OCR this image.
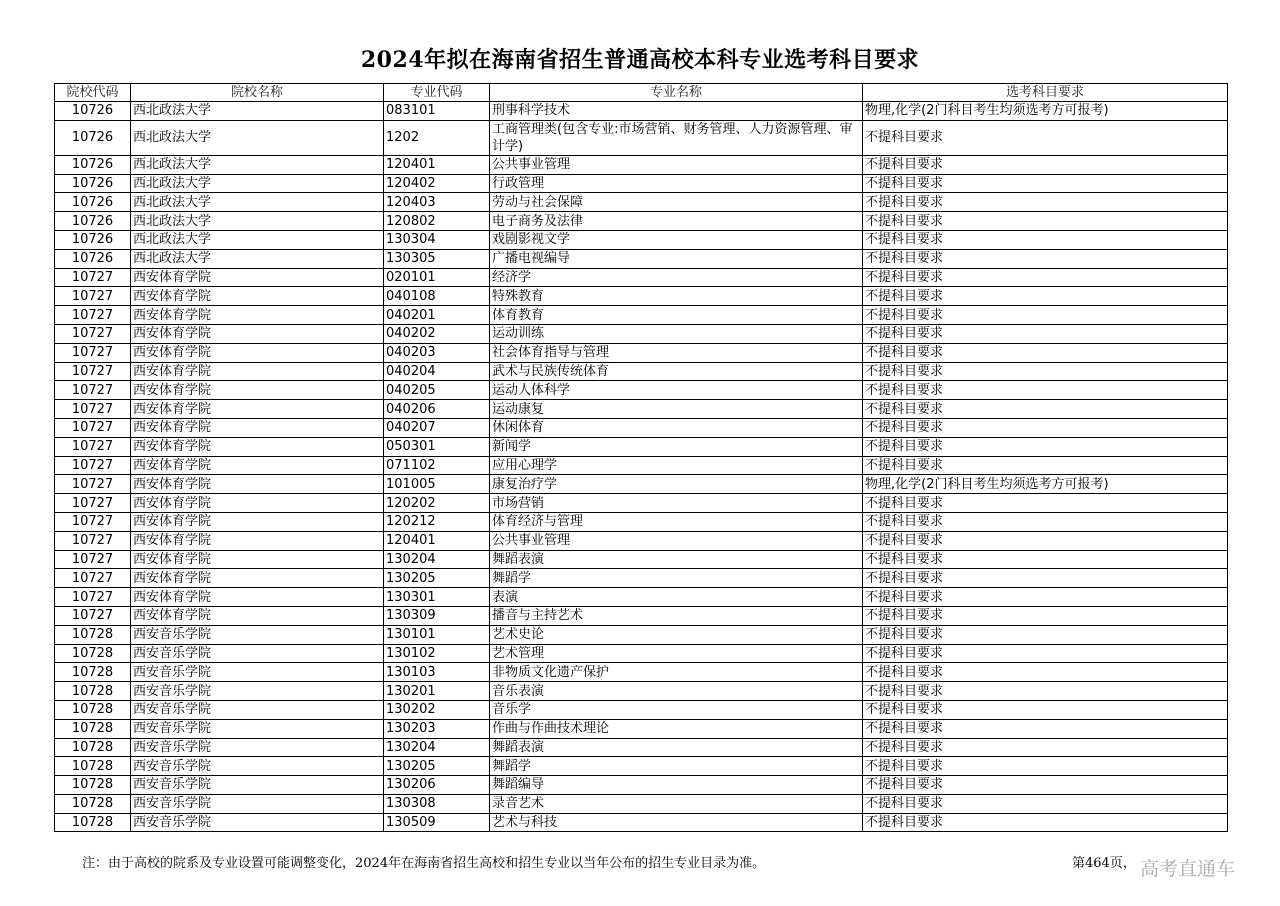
2024年拟在海南省招生普通高校本科专业选考科目要求
院校代码	院校名称	专业代码	专业名称	选考科目要求
10726	西北政法大学	083101	刑事科学技术	物理,化学(2门科目考生均须选考方可报考)
10726	西北政法大学	1202	工商管理类(包含专业:市场营销、财务管理、人力资源管理、审计学)	不提科目要求
10726	西北政法大学	120401	公共事业管理	不提科目要求
10726	西北政法大学	120402	行政管理	不提科目要求
10726	西北政法大学	120403	劳动与社会保障	不提科目要求
10726	西北政法大学	120802	电子商务及法律	不提科目要求
10726	西北政法大学	130304	戏剧影视文学	不提科目要求
10726	西北政法大学	130305	广播电视编导	不提科目要求
10727	西安体育学院	020101	经济学	不提科目要求
10727	西安体育学院	040108	特殊教育	不提科目要求
10727	西安体育学院	040201	体育教育	不提科目要求
10727	西安体育学院	040202	运动训练	不提科目要求
10727	西安体育学院	040203	社会体育指导与管理	不提科目要求
10727	西安体育学院	040204	武术与民族传统体育	不提科目要求
10727	西安体育学院	040205	运动人体科学	不提科目要求
10727	西安体育学院	040206	运动康复	不提科目要求
10727	西安体育学院	040207	休闲体育	不提科目要求
10727	西安体育学院	050301	新闻学	不提科目要求
10727	西安体育学院	071102	应用心理学	不提科目要求
10727	西安体育学院	101005	康复治疗学	物理,化学(2门科目考生均须选考方可报考)
10727	西安体育学院	120202	市场营销	不提科目要求
10727	西安体育学院	120212	体育经济与管理	不提科目要求
10727	西安体育学院	120401	公共事业管理	不提科目要求
10727	西安体育学院	130204	舞蹈表演	不提科目要求
10727	西安体育学院	130205	舞蹈学	不提科目要求
10727	西安体育学院	130301	表演	不提科目要求
10727	西安体育学院	130309	播音与主持艺术	不提科目要求
10728	西安音乐学院	130101	艺术史论	不提科目要求
10728	西安音乐学院	130102	艺术管理	不提科目要求
10728	西安音乐学院	130103	非物质文化遗产保护	不提科目要求
10728	西安音乐学院	130201	音乐表演	不提科目要求
10728	西安音乐学院	130202	音乐学	不提科目要求
10728	西安音乐学院	130203	作曲与作曲技术理论	不提科目要求
10728	西安音乐学院	130204	舞蹈表演	不提科目要求
10728	西安音乐学院	130205	舞蹈学	不提科目要求
10728	西安音乐学院	130206	舞蹈编导	不提科目要求
10728	西安音乐学院	130308	录音艺术	不提科目要求
10728	西安音乐学院	130509	艺术与科技	不提科目要求
注：由于高校的院系及专业设置可能调整变化，2024年在海南省招生高校和招生专业以当年公布的招生专业目录为准。	第464页， 高考直通车
